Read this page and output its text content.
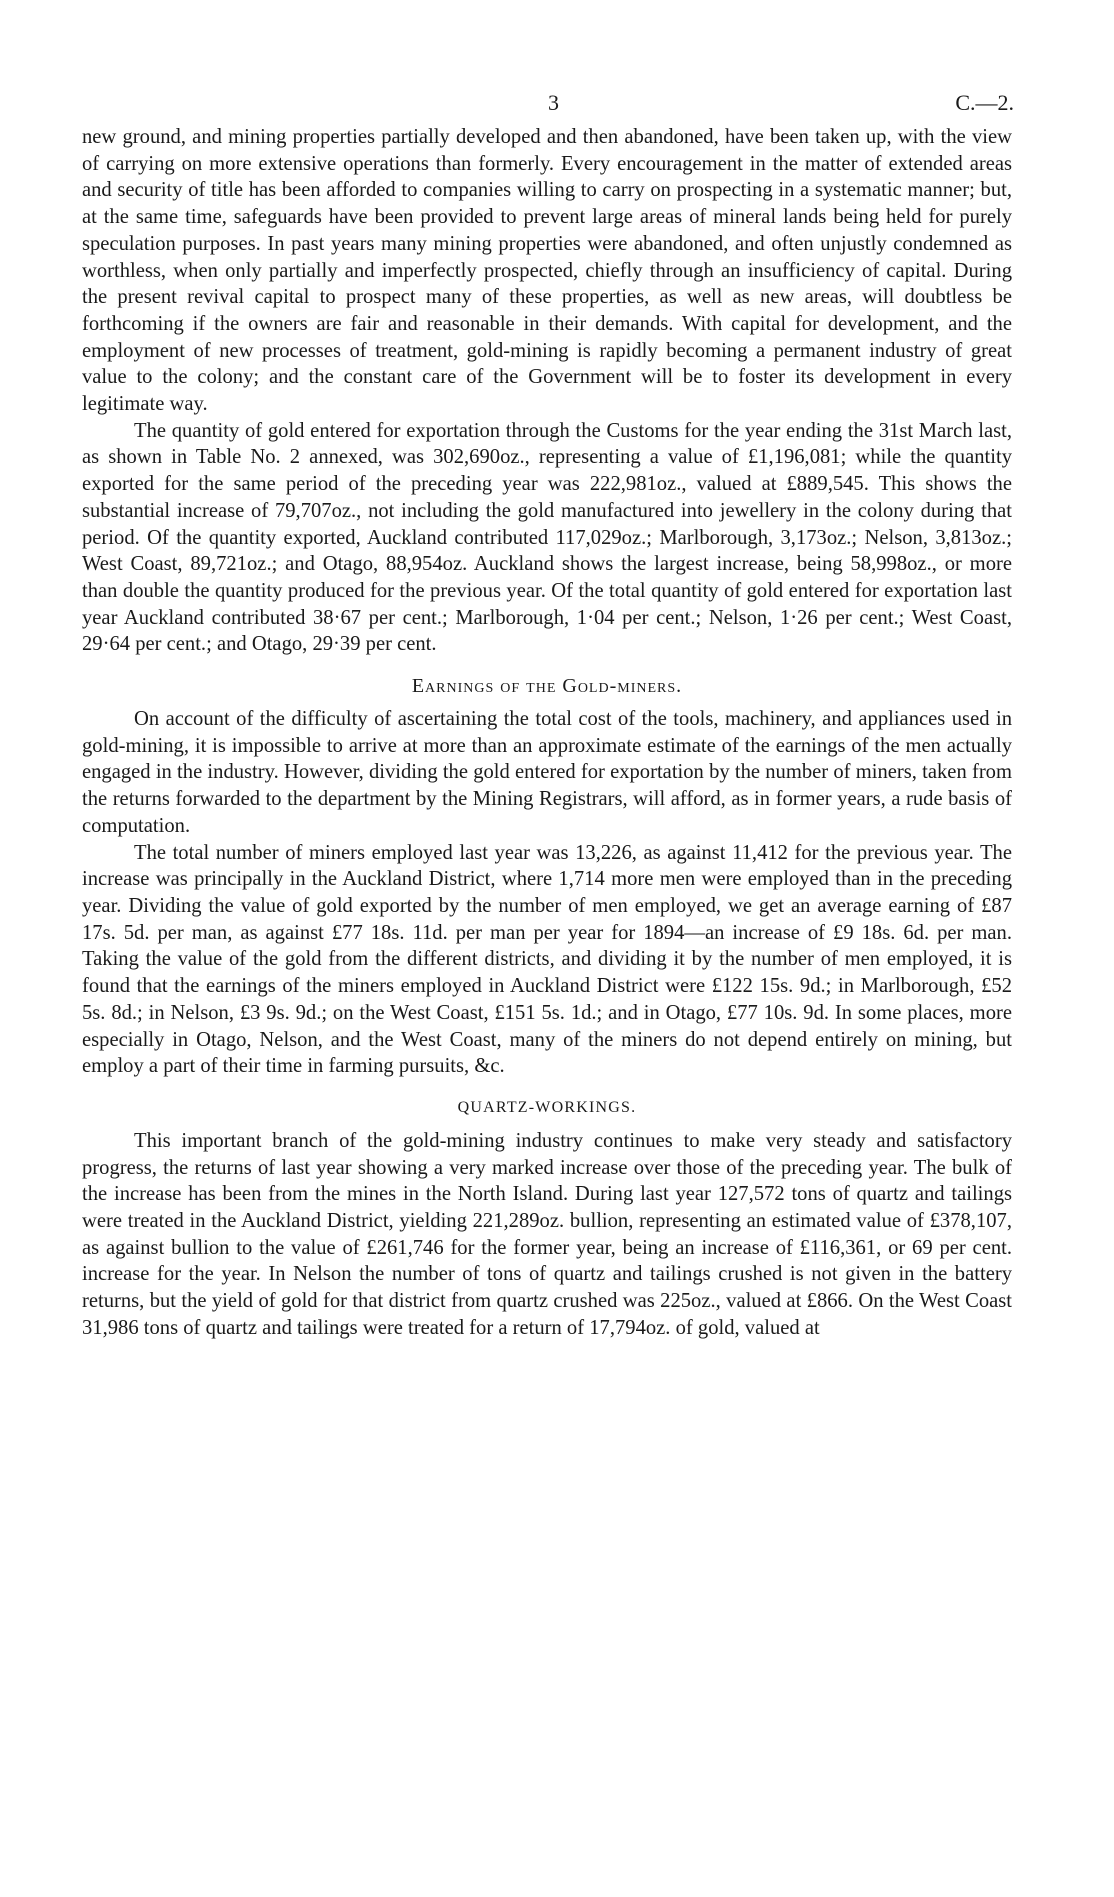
3	C.—2.

new ground, and mining properties partially developed and then abandoned, have been taken up, with the view of carrying on more extensive operations than formerly. Every encouragement in the matter of extended areas and security of title has been afforded to companies willing to carry on prospecting in a systematic manner; but, at the same time, safeguards have been provided to prevent large areas of mineral lands being held for purely speculation purposes. In past years many mining properties were abandoned, and often unjustly condemned as worthless, when only partially and imperfectly prospected, chiefly through an insufficiency of capital. During the present revival capital to prospect many of these properties, as well as new areas, will doubtless be forthcoming if the owners are fair and reasonable in their demands. With capital for development, and the employment of new processes of treatment, gold-mining is rapidly becoming a permanent industry of great value to the colony; and the constant care of the Government will be to foster its development in every legitimate way.

The quantity of gold entered for exportation through the Customs for the year ending the 31st March last, as shown in Table No. 2 annexed, was 302,690oz., representing a value of £1,196,081; while the quantity exported for the same period of the preceding year was 222,981oz., valued at £889,545. This shows the substantial increase of 79,707oz., not including the gold manufactured into jewellery in the colony during that period. Of the quantity exported, Auckland contributed 117,029oz.; Marlborough, 3,173oz.; Nelson, 3,813oz.; West Coast, 89,721oz.; and Otago, 88,954oz. Auckland shows the largest increase, being 58,998oz., or more than double the quantity produced for the previous year. Of the total quantity of gold entered for exportation last year Auckland contributed 38·67 per cent.; Marlborough, 1·04 per cent.; Nelson, 1·26 per cent.; West Coast, 29·64 per cent.; and Otago, 29·39 per cent.

Earnings of the Gold-miners.

On account of the difficulty of ascertaining the total cost of the tools, machinery, and appliances used in gold-mining, it is impossible to arrive at more than an approximate estimate of the earnings of the men actually engaged in the industry. However, dividing the gold entered for exportation by the number of miners, taken from the returns forwarded to the department by the Mining Registrars, will afford, as in former years, a rude basis of computation.

The total number of miners employed last year was 13,226, as against 11,412 for the previous year. The increase was principally in the Auckland District, where 1,714 more men were employed than in the preceding year. Dividing the value of gold exported by the number of men employed, we get an average earning of £87 17s. 5d. per man, as against £77 18s. 11d. per man per year for 1894—an increase of £9 18s. 6d. per man. Taking the value of the gold from the different districts, and dividing it by the number of men employed, it is found that the earnings of the miners employed in Auckland District were £122 15s. 9d.; in Marlborough, £52 5s. 8d.; in Nelson, £3 9s. 9d.; on the West Coast, £151 5s. 1d.; and in Otago, £77 10s. 9d. In some places, more especially in Otago, Nelson, and the West Coast, many of the miners do not depend entirely on mining, but employ a part of their time in farming pursuits, &c.

QUARTZ-WORKINGS.

This important branch of the gold-mining industry continues to make very steady and satisfactory progress, the returns of last year showing a very marked increase over those of the preceding year. The bulk of the increase has been from the mines in the North Island. During last year 127,572 tons of quartz and tailings were treated in the Auckland District, yielding 221,289oz. bullion, representing an estimated value of £378,107, as against bullion to the value of £261,746 for the former year, being an increase of £116,361, or 69 per cent. increase for the year. In Nelson the number of tons of quartz and tailings crushed is not given in the battery returns, but the yield of gold for that district from quartz crushed was 225oz., valued at £866. On the West Coast 31,986 tons of quartz and tailings were treated for a return of 17,794oz. of gold, valued at
